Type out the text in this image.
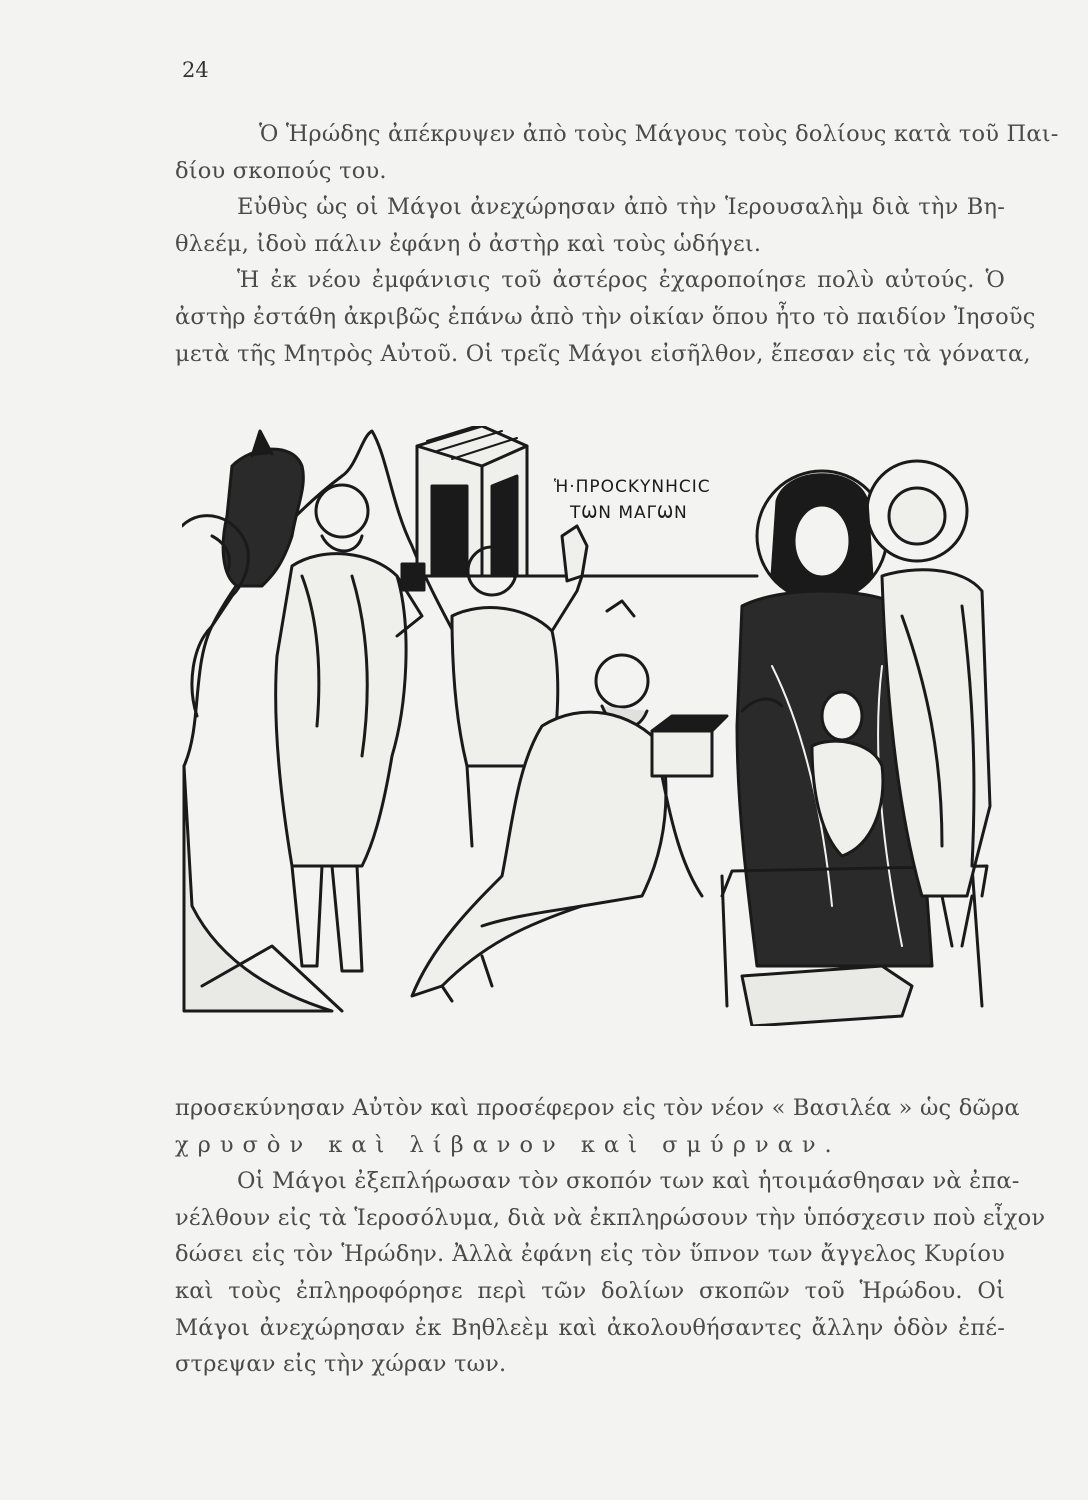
24
Ὁ Ἡρώδης ἀπέκρυψεν ἀπὸ τοὺς Μάγους τοὺς δολίους κατὰ τοῦ Παι-
δίου σκοπούς του.
Εὐθὺς ὡς οἱ Μάγοι ἀνεχώρησαν ἀπὸ τὴν Ἱερουσαλὴμ διὰ τὴν Βη-
θλεέμ, ἰδοὺ πάλιν ἐφάνη ὁ ἀστὴρ καὶ τοὺς ὡδήγει.
Ἡ ἐκ νέου ἐμφάνισις τοῦ ἀστέρος ἐχαροποίησε πολὺ αὐτούς. Ὁ
ἀστὴρ ἐστάθη ἀκριβῶς ἐπάνω ἀπὸ τὴν οἰκίαν ὅπου ἦτο τὸ παιδίον Ἰησοῦς
μετὰ τῆς Μητρὸς Αὐτοῦ. Οἱ τρεῖς Μάγοι εἰσῆλθον, ἔπεσαν εἰς τὰ γόνατα,
Ἡ·ΠΡΟCΚΥΝΗCΙC
ΤѠΝ ΜΑΓѠΝ
προσεκύνησαν Αὐτὸν καὶ προσέφερον εἰς τὸν νέον « Βασιλέα » ὡς δῶρα
χρυσὸν καὶ λίβανον καὶ σμύρναν.
Οἱ Μάγοι ἐξεπλήρωσαν τὸν σκοπόν των καὶ ἡτοιμάσθησαν νὰ ἐπα-
νέλθουν εἰς τὰ Ἱεροσόλυμα, διὰ νὰ ἐκπληρώσουν τὴν ὑπόσχεσιν ποὺ εἶχον
δώσει εἰς τὸν Ἡρώδην. Ἀλλὰ ἐφάνη εἰς τὸν ὕπνον των ἄγγελος Κυρίου
καὶ τοὺς ἐπληροφόρησε περὶ τῶν δολίων σκοπῶν τοῦ Ἡρώδου. Οἱ
Μάγοι ἀνεχώρησαν ἐκ Βηθλεὲμ καὶ ἀκολουθήσαντες ἄλλην ὁδὸν ἐπέ-
στρεψαν εἰς τὴν χώραν των.
